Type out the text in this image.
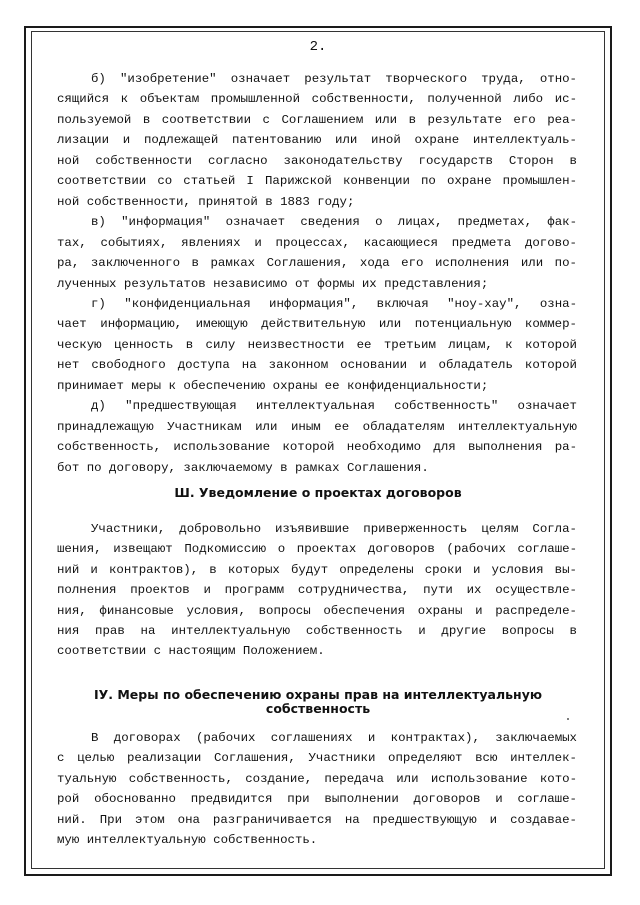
2.
б) "изобретение" означает результат творческого труда, отно-
сящийся к объектам промышленной собственности, полученной либо ис-
пользуемой в соответствии с Соглашением или в результате его реа-
лизации и подлежащей патентованию или иной охране интеллектуаль-
ной собственности согласно законодательству государств Сторон в
соответствии со статьей I Парижской конвенции по охране промышлен-
ной собственности, принятой в 1883 году;
в) "информация" означает сведения о лицах, предметах, фак-
тах, событиях, явлениях и процессах, касающиеся предмета догово-
ра, заключенного в рамках Соглашения, хода его исполнения или по-
лученных результатов независимо от формы их представления;
г) "конфиденциальная информация", включая "ноу-хау", озна-
чает информацию, имеющую действительную или потенциальную коммер-
ческую ценность в силу неизвестности ее третьим лицам, к которой
нет свободного доступа на законном основании и обладатель которой
принимает меры к обеспечению охраны ее конфиденциальности;
д) "предшествующая интеллектуальная собственность" означает
принадлежащую Участникам или иным ее обладателям интеллектуальную
собственность, использование которой необходимо для выполнения ра-
бот по договору, заключаемому в рамках Соглашения.
Ш. Уведомление о проектах договоров
Участники, добровольно изъявившие приверженность целям Согла-
шения, извещают Подкомиссию о проектах договоров (рабочих соглаше-
ний и контрактов), в которых будут определены сроки и условия вы-
полнения проектов и программ сотрудничества, пути их осуществле-
ния, финансовые условия, вопросы обеспечения охраны и распределе-
ния прав на интеллектуальную собственность и другие вопросы в
соответствии с настоящим Положением.
IУ. Меры по обеспечению охраны прав на интеллектуальную
собственность
В договорах (рабочих соглашениях и контрактах), заключаемых
с целью реализации Соглашения, Участники определяют всю интеллек-
туальную собственность, создание, передача или использование кото-
рой обоснованно предвидится при выполнении договоров и соглаше-
ний. При этом она разграничивается на предшествующую и создавае-
мую интеллектуальную собственность.
